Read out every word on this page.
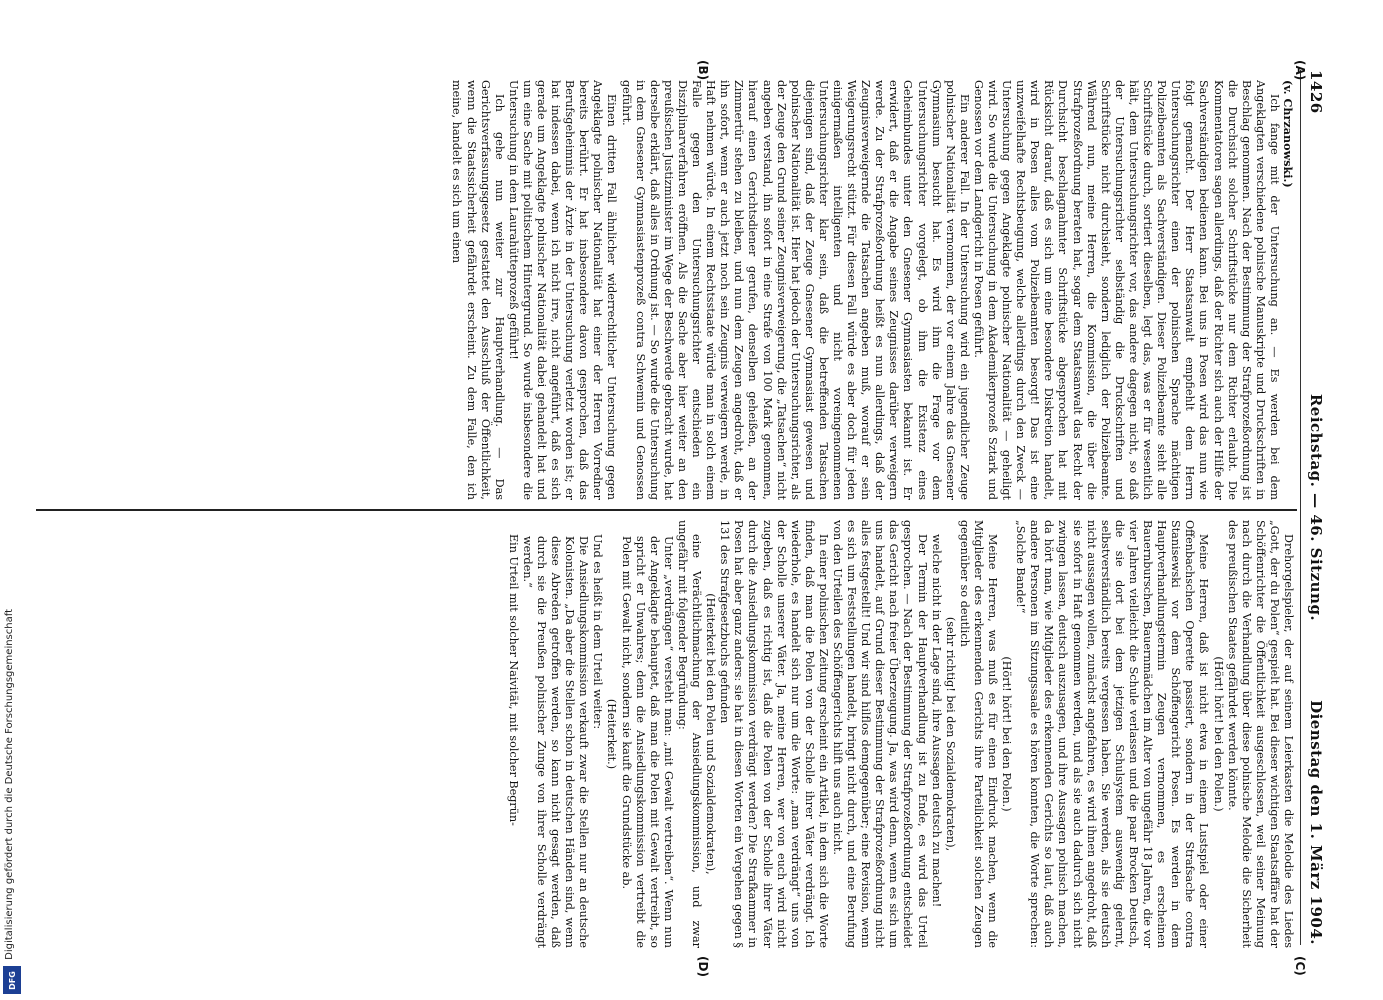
1426
Reichstag. — 46. Sitzung.
Dienstag den 1. März 1904.
(A)
(B)
(C)
(D)
(v. Chrzanowski.)

Ich fange mit der Untersuchung an. — Es werden bei dem Angeklagten verschiedene polnische Manuskripte und Druckschriften in Beschlag genommen. Nach der Bestimmung der Strafprozeßordnung ist die Durchsicht solcher Schriftstücke nur dem Richter erlaubt. Die Kommentatoren sagen allerdings, daß der Richter sich auch der Hilfe der Sachverständigen bedienen kann. Bei uns in Posen wird das nun wie folgt gemacht. Der Herr Staatsanwalt empfiehlt dem Herrn Untersuchungsrichter einen der polnischen Sprache mächtigen Polizeibeamten als Sachverständigen. Dieser Polizeibeamte sieht alle Schriftstücke durch, sortiert dieselben, legt das, was er für wesentlich hält, dem Untersuchungsrichter vor, das andere dagegen nicht, so daß der Untersuchungsrichter selbständig die Druckschriften und Schriftstücke nicht durchsieht, sondern lediglich der Polizeibeamte. Während nun, meine Herren, die Kommission, die über die Strafprozeßordnung beraten hat, sogar dem Staatsanwalt das Recht der Durchsicht beschlagnahmter Schriftstücke abgesprochen hat mit Rücksicht darauf, daß es sich um eine besondere Diskretion handelt, wird in Posen alles vom Polizeibeamten besorgt! Das ist eine unzweifelhafte Rechtsbeugung, welche allerdings durch den Zweck — Untersuchung gegen Angeklagte polnischer Nationalität — geheiligt wird. So wurde die Untersuchung in dem Akademikerprozeß Sztark und Genossen vor dem Landgericht in Posen geführt.

Ein anderer Fall. In der Untersuchung wird ein jugendlicher Zeuge polnischer Nationalität vernommen, der vor einem Jahre das Gnesener Gymnasium besucht hat. Es wird ihm die Frage vor dem Untersuchungsrichter vorgelegt, ob ihm die Existenz eines Geheimbundes unter den Gnesener Gymnasiasten bekannt ist. Er erwidert, daß er die Angabe seines Zeugnisses darüber verweigern werde. Zu der Strafprozeßordnung heißt es nun allerdings, daß der Zeugnisverweigernde die Tatsachen angeben muß, worauf er sein Weigerungsrecht stützt. Für diesen Fall würde es aber doch für jeden einigermaßen intelligenten und nicht voreingenommenen Untersuchungsrichter klar sein, daß die betreffenden Tatsachen diejenigen sind, daß der Zeuge Gnesener Gymnasiast gewesen und polnischer Nationalität ist. Hier hat jedoch der Untersuchungsrichter, als der Zeuge den Grund seiner Zeugnisverweigerung, die „Tatsachen“ nicht angeben verstand, ihn sofort in eine Strafe von 100 Mark genommen, hierauf einen Gerichtsdiener gerufen, denselben geheißen, an der Zimmertür stehen zu bleiben, und nun dem Zeugen angedroht, daß er ihn sofort, wenn er auch jetzt noch sein Zeugnis verweigern werde, in Haft nehmen würde. In einem Rechtsstaate würde man in solch einem Falle gegen den Untersuchungsrichter entschieden ein Disziplinarverfahren eröffnen. Als die Sache aber hier weiter an den preußischen Justizminister im Wege der Beschwerde gebracht wurde, hat derselbe erklärt, daß alles in Ordnung ist. — So wurde die Untersuchung in dem Gnesener Gymnasiastenprozeß contra Schwemin und Genossen geführt.

Einen dritten Fall ähnlicher widerrechtlicher Untersuchung gegen Angeklagte polnischer Nationalität hat einer der Herren Vorredner bereits berührt. Er hat insbesondere davon gesprochen, daß das Berufsgeheimnis der Ärzte in der Untersuchung verletzt worden ist; er hat indessen dabei, wenn ich nicht irre, nicht angeführt, daß es sich gerade um Angeklagte polnischer Nationalität dabei gehandelt hat und um eine Sache mit politischem Hintergrund. So wurde insbesondere die Untersuchung in dem Laurahütteprozeß geführt!

Ich gehe nun weiter zur Hauptverhandlung. — Das Gerichtsverfassungsgesetz gestattet den Ausschluß der Öffentlichkeit, wenn die Staatssicherheit gefährdet erscheint. Zu dem Falle, den ich meine, handelt es sich um einen

Drehorgelspieler, der auf seinem Leierkasten die Melodie des Liedes „Gott, der du Polen“ gespielt hat. Bei dieser wichtigen Staatsaffäre hat der Schöffenrichter die Öffentlichkeit ausgeschlossen, weil seiner Meinung nach durch die Verhandlung über diese polnische Melodie die Sicherheit des preußischen Staates gefährdet werden könnte.

(Hört! hört! bei den Polen.)

Meine Herren, daß ist nicht etwa in einem Lustspiel oder einer Offenbachschen Operette passiert, sondern in der Strafsache contra Stanisewski vor dem Schöffengericht Posen. Es werden in dem Hauptverhandlungstermin Zeugen vernommen, es erscheinen Bauernburschen, Bauernmädchen im Alter von ungefähr 18 Jahren, die vor vier Jahren vielleicht die Schule verlassen und die paar Brocken Deutsch, die sie dort bei dem jetzigen Schulsystem auswendig gelernt, selbstverständlich bereits vergessen haben. Sie werden, als sie deutsch nicht aussagen wollen, zunächst angefahren, es wird ihnen angedroht, daß sie sofort in Haft genommen werden, und als sie auch dadurch sich nicht zwingen lassen, deutsch auszusagen, und ihre Aussagen polnisch machen, da hört man, wie Mitglieder des erkennenden Gerichts so laut, daß auch andere Personen im Sitzungssaale es hören konnten, die Worte sprechen: „Solche Bande!“

(Hört! hört! bei den Polen.)

Meine Herren, was muß es für einen Eindruck machen, wenn die Mitglieder des erkennenden Gerichts ihre Parteilichkeit solchen Zeugen gegenüber so deutlich

(sehr richtig! bei den Sozialdemokraten),

welche nicht in der Lage sind, ihre Aussagen deutsch zu machen!

Der Termin der Hauptverhandlung ist zu Ende, es wird das Urteil gesprochen. — Nach der Bestimmung der Strafprozeßordnung entscheidet das Gericht nach freier Überzeugung. Ja, was wird denn, wenn es sich um uns handelt, auf Grund dieser Bestimmung der Strafprozeßordnung nicht alles festgestellt! Und wir sind hilflos demgegenüber; eine Revision, wenn es sich um Feststellungen handelt, bringt nicht durch, und eine Berufung von den Urteilen des Schöffengerichts hilft uns auch nicht.

In einer polnischen Zeitung erscheint ein Artikel, in dem sich die Worte finden, daß man die Polen von der Scholle ihrer Väter verdrängt. Ich wiederhole, es handelt sich nur um die Worte: „man verdrängt“ uns von der Scholle unserer Väter. Ja, meine Herren, wer von euch wird nicht zugeben, daß es richtig ist, daß die Polen von der Scholle ihrer Väter durch die Ansiedlungskommission verdrängt werden? Die Strafkammer in Posen hat aber ganz anders: sie hat in diesen Worten ein Vergehen gegen § 131 des Strafgesetzbuchs gefunden

(Heiterkeit bei den Polen und Sozialdemokraten),

eine Verächtlichmachung der Ansiedlungskommission, und zwar ungefähr mit folgender Begründung:

Unter „verdrängen“ versteht man: „mit Gewalt vertreiben“. Wenn nun der Angeklagte behauptet, daß man die Polen mit Gewalt vertreibt, so spricht er Unwahres; denn die Ansiedlungskommission vertreibt die Polen mit Gewalt nicht, sondern sie kauft die Grundstücke ab.

(Heiterkeit.)

Und es heißt in dem Urteil weiter:

Die Ansiedlungskommission verkauft zwar die Stellen nur an deutsche Kolonisten. „Da aber die Stellen schon in deutschen Händen sind, wenn diese Abreden getroffen werden, so kann nicht gesagt werden, daß durch sie die Preußen polnischer Zunge von ihrer Scholle verdrängt werden.“

Ein Urteil mit solcher Naivität, mit solcher Begrün-

Digitalisierung gefördert durch die Deutsche Forschungsgemeinschaft
DFG
